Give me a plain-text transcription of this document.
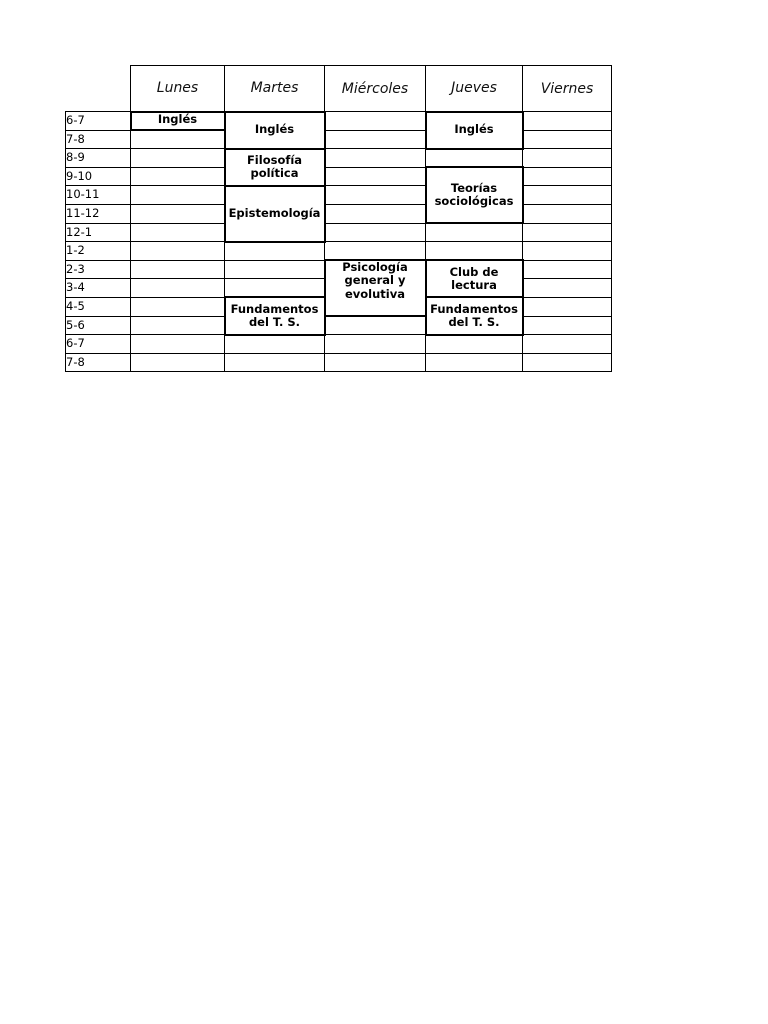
	Lunes	Martes	Miércoles	Jueves	Viernes
6-7	Inglés	Inglés		Inglés	
7-8					
8-9		Filosofía política			
9-10				Teorías sociológicas	
10-11		Epistemología			
11-12					
12-1					
1-2					
2-3			Psicología general y evolutiva	Club de lectura	
3-4					
4-5		Fundamentos del T. S.		Fundamentos del T. S.	
5-6					
6-7					
7-8					
